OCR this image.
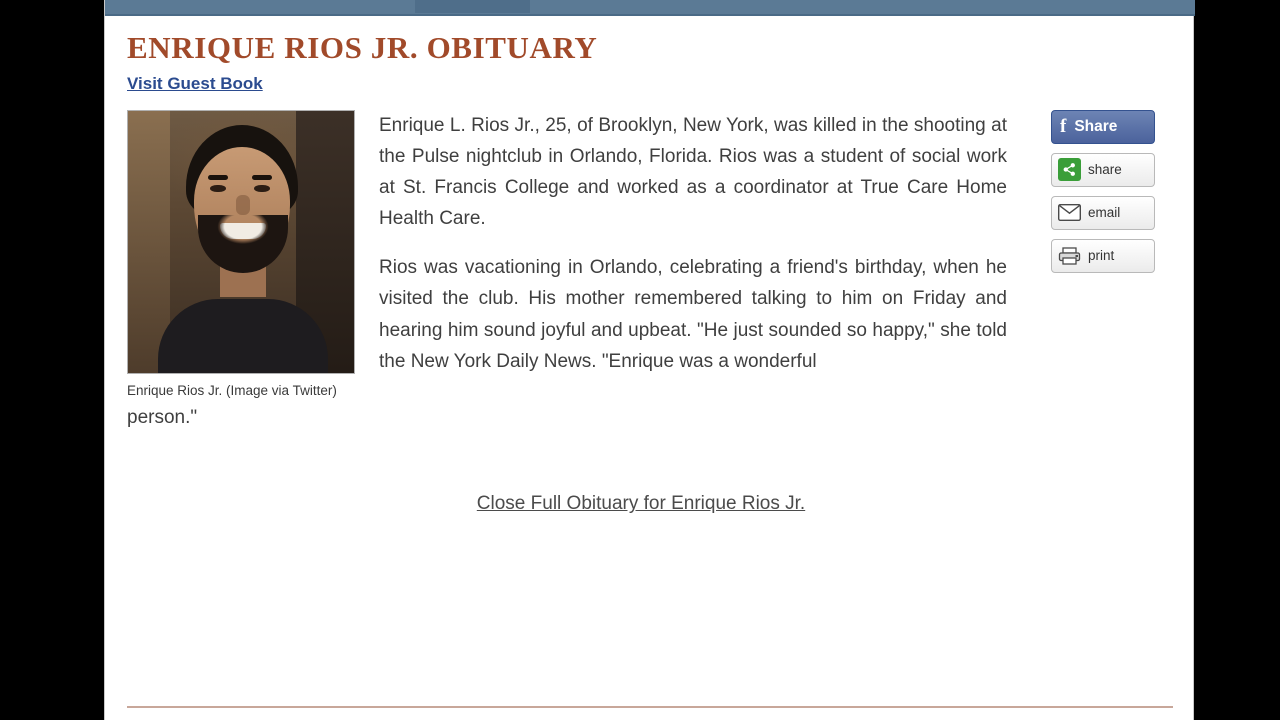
ENRIQUE RIOS JR. OBITUARY
Visit Guest Book
Enrique Rios Jr. (Image via Twitter)

Enrique L. Rios Jr., 25, of Brooklyn, New York, was killed in the shooting at the Pulse nightclub in Orlando, Florida. Rios was a student of social work at St. Francis College and worked as a coordinator at True Care Home Health Care.

Rios was vacationing in Orlando, celebrating a friend's birthday, when he visited the club. His mother remembered talking to him on Friday and hearing him sound joyful and upbeat. "He just sounded so happy," she told the New York Daily News. "Enrique was a wonderful

f Share
share
email
print
person."
Close Full Obituary for Enrique Rios Jr.
